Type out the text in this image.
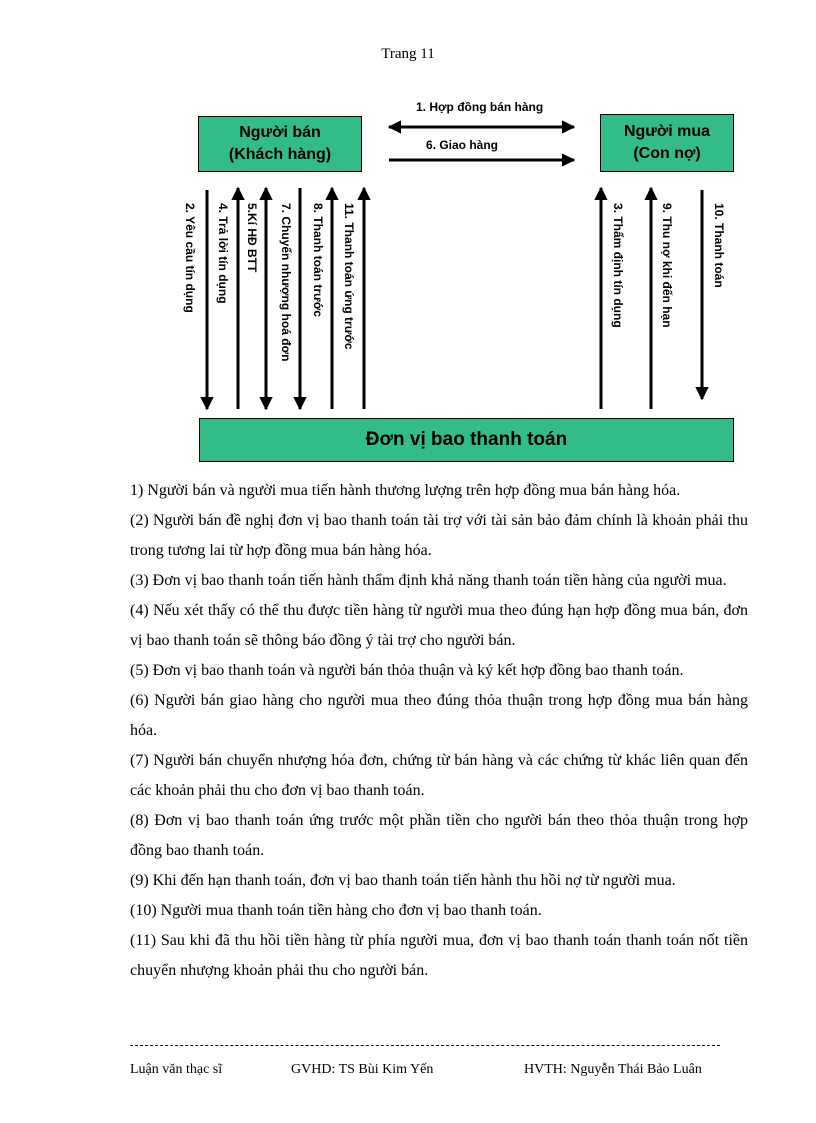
Trang 11
Người bán
(Khách hàng)
Người mua
(Con nợ)
Đơn vị bao thanh toán
1. Hợp đồng bán hàng
6. Giao hàng
2. Yêu cầu tín dụng 4. Trả lời tín dụng 5.Kí HĐ BTT 7. Chuyển nhượng hoá đơn 8. Thanh toán trước 11. Thanh toán ứng trước	3. Thẩm định tín dụng	9. Thu nợ khi đến hạn	10. Thanh toán

1) Người bán và người mua tiến hành thương lượng trên hợp đồng mua bán hàng hóa.

(2) Người bán đề nghị đơn vị bao thanh toán tài trợ với tài sản bảo đảm chính là khoản phải thu trong tương lai từ hợp đồng mua bán hàng hóa.

(3) Đơn vị bao thanh toán tiến hành thẩm định khả năng thanh toán tiền hàng của người mua.

(4) Nếu xét thấy có thể thu được tiền hàng từ người mua theo đúng hạn hợp đồng mua bán, đơn vị bao thanh toán sẽ thông báo đồng ý tài trợ cho người bán.

(5) Đơn vị bao thanh toán và người bán thỏa thuận và ký kết hợp đồng bao thanh toán.

(6) Người bán giao hàng cho người mua theo đúng thỏa thuận trong hợp đồng mua bán hàng hóa.

(7) Người bán chuyển nhượng hóa đơn, chứng từ bán hàng và các chứng từ khác liên quan đến các khoản phải thu cho đơn vị bao thanh toán.

(8) Đơn vị bao thanh toán ứng trước một phần tiền cho người bán theo thỏa thuận trong hợp đồng bao thanh toán.

(9) Khi đến hạn thanh toán, đơn vị bao thanh toán tiến hành thu hồi nợ từ người mua.

(10) Người mua thanh toán tiền hàng cho đơn vị bao thanh toán.

(11) Sau khi đã thu hồi tiền hàng từ phía người mua, đơn vị bao thanh toán thanh toán nốt tiền chuyển nhượng khoản phải thu cho người bán.

Luận văn thạc sĩ	GVHD: TS Bùi Kim Yến	HVTH: Nguyễn Thái Bảo Luân
